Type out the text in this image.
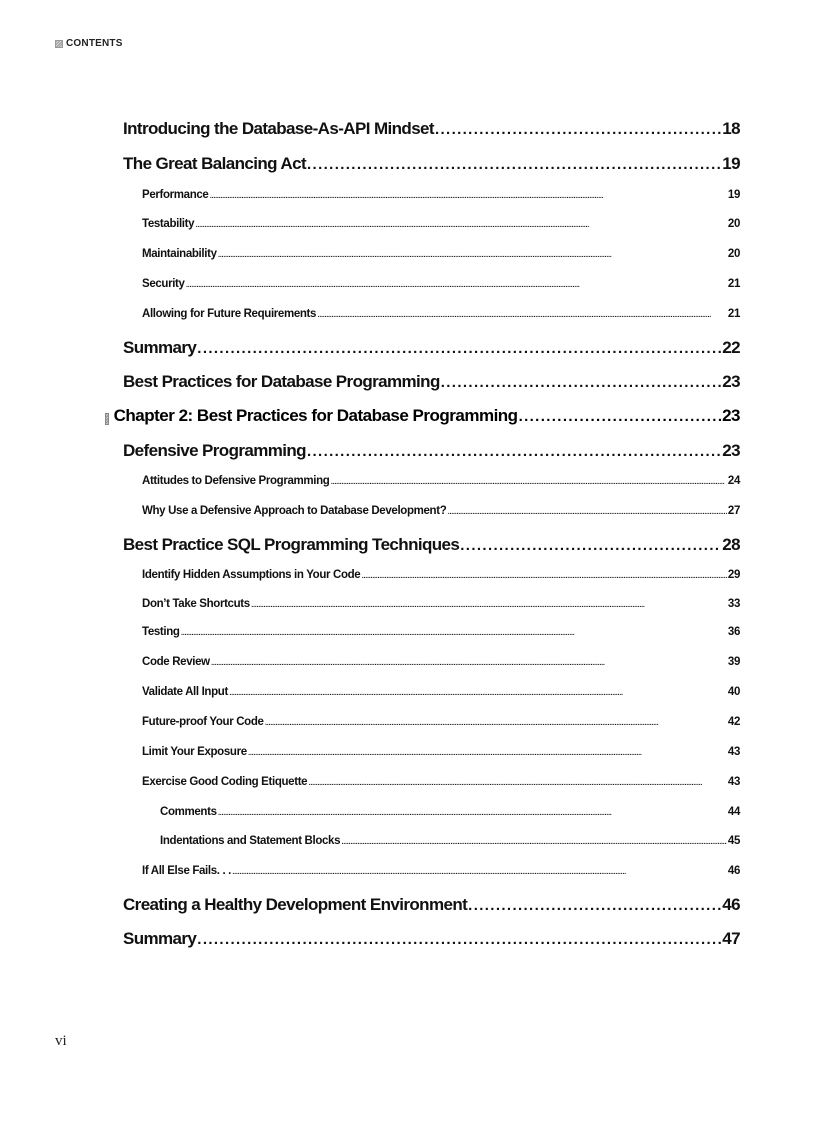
CONTENTS
Introducing the Database-As-API Mindset . . .	18
The Great Balancing Act . . .	19
Performance . . .	19
Testability . . .	20
Maintainability . . .	20
Security . . .	21
Allowing for Future Requirements . . .	21
Summary . . .	22
Best Practices for Database Programming . . .	23
Chapter 2: Best Practices for Database Programming . . .	23
Defensive Programming . . .	23
Attitudes to Defensive Programming . . .	24
Why Use a Defensive Approach to Database Development? . . .	27
Best Practice SQL Programming Techniques . . .	28
Identify Hidden Assumptions in Your Code . . .	29
Don’t Take Shortcuts . . .	33
Testing . . .	36
Code Review . . .	39
Validate All Input . . .	40
Future-proof Your Code . . .	42
Limit Your Exposure . . .	43
Exercise Good Coding Etiquette . . .	43
Comments . . .	44
Indentations and Statement Blocks . . .	45
If All Else Fails. . . . . .	46
Creating a Healthy Development Environment . . .	46
Summary . . .	47
vi
